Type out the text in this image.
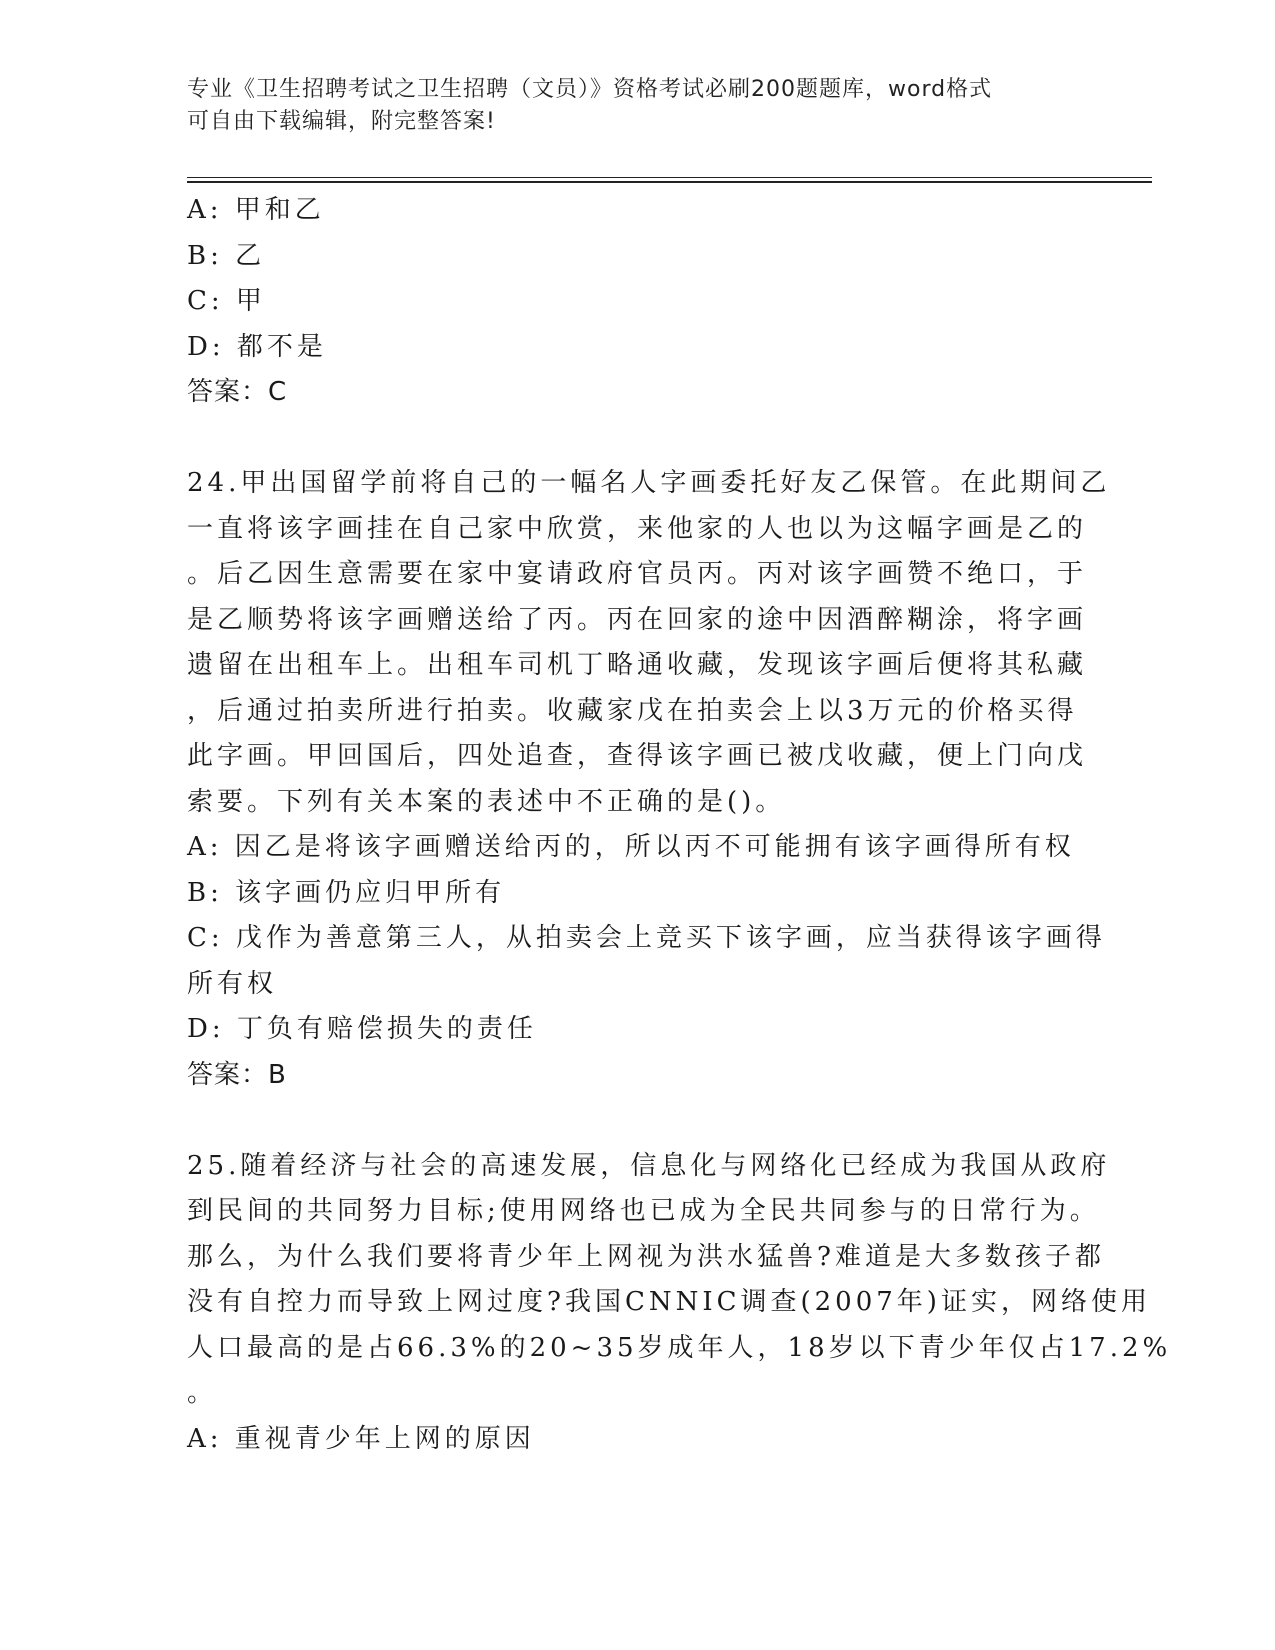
专业《卫生招聘考试之卫生招聘（文员）》资格考试必刷200题题库，word格式
可自由下载编辑，附完整答案!

A: 甲和乙

B: 乙

C: 甲

D: 都不是

答案：C

24.甲出国留学前将自己的一幅名人字画委托好友乙保管。在此期间乙

一直将该字画挂在自己家中欣赏，来他家的人也以为这幅字画是乙的

。后乙因生意需要在家中宴请政府官员丙。丙对该字画赞不绝口，于

是乙顺势将该字画赠送给了丙。丙在回家的途中因酒醉糊涂，将字画

遗留在出租车上。出租车司机丁略通收藏，发现该字画后便将其私藏

，后通过拍卖所进行拍卖。收藏家戊在拍卖会上以3万元的价格买得

此字画。甲回国后，四处追查，查得该字画已被戊收藏，便上门向戊

索要。下列有关本案的表述中不正确的是()。

A: 因乙是将该字画赠送给丙的，所以丙不可能拥有该字画得所有权

B: 该字画仍应归甲所有

C: 戊作为善意第三人，从拍卖会上竞买下该字画，应当获得该字画得

所有权

D: 丁负有赔偿损失的责任

答案：B

25.随着经济与社会的高速发展，信息化与网络化已经成为我国从政府

到民间的共同努力目标;使用网络也已成为全民共同参与的日常行为。

那么，为什么我们要将青少年上网视为洪水猛兽?难道是大多数孩子都

没有自控力而导致上网过度?我国CNNIC调查(2007年)证实，网络使用

人口最高的是占66.3%的20~35岁成年人，18岁以下青少年仅占17.2%

。

A: 重视青少年上网的原因
